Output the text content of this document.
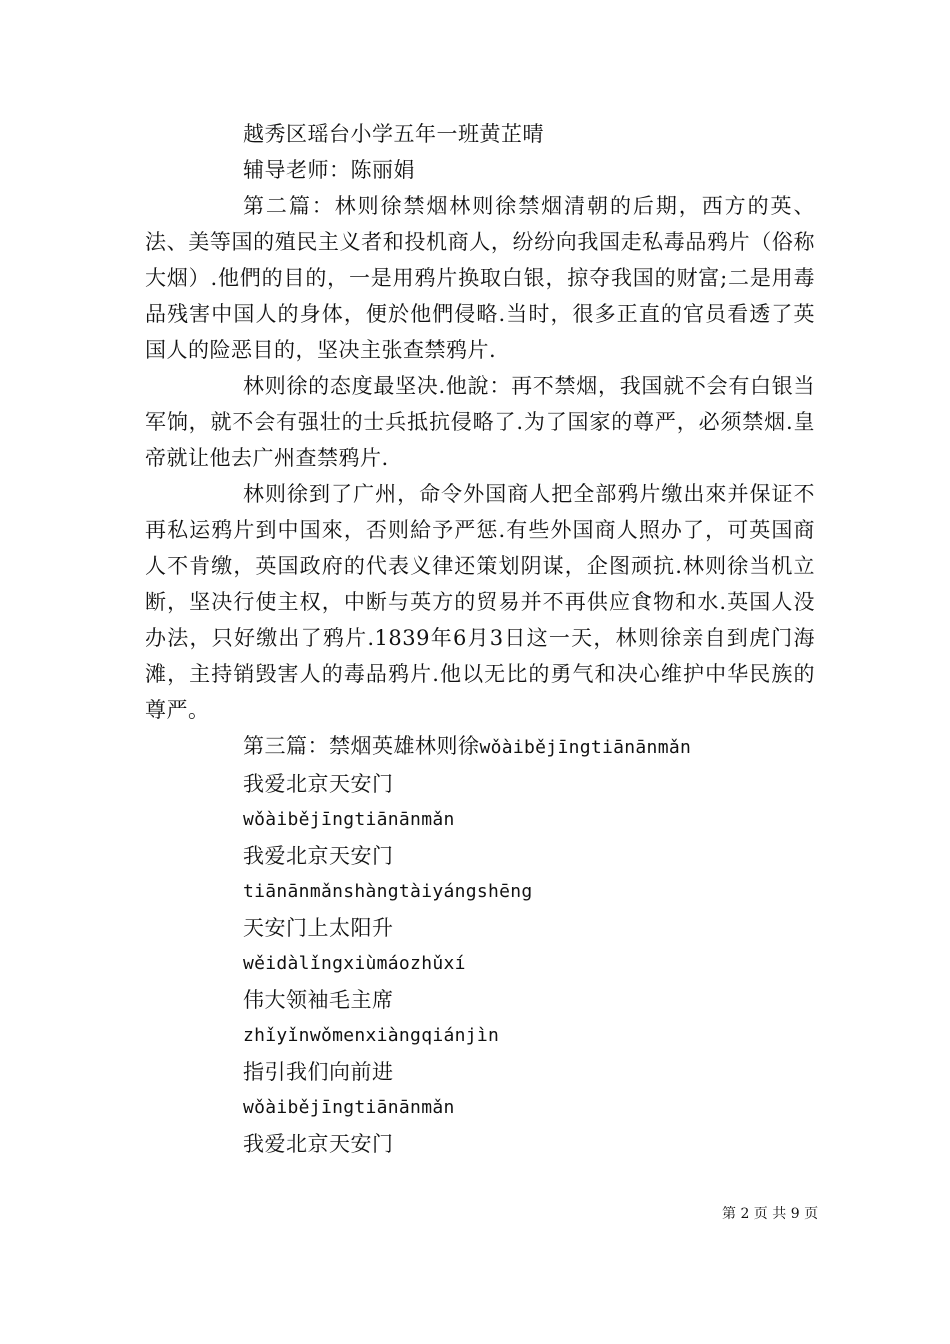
越秀区瑶台小学五年一班黄芷晴

辅导老师：陈丽娟

第二篇：林则徐禁烟林则徐禁烟清朝的后期，西方的英、法、美等国的殖民主义者和投机商人，纷纷向我国走私毒品鸦片（俗称大烟）.他們的目的，一是用鸦片换取白银，掠夺我国的财富;二是用毒品残害中国人的身体，便於他們侵略.当时，很多正直的官员看透了英国人的险恶目的，坚决主张查禁鸦片.

林则徐的态度最坚决.他說：再不禁烟，我国就不会有白银当军饷，就不会有强壮的士兵抵抗侵略了.为了国家的尊严，必须禁烟.皇帝就让他去广州查禁鸦片.

林则徐到了广州，命令外国商人把全部鸦片缴出來并保证不再私运鸦片到中国來，否则給予严惩.有些外国商人照办了，可英国商人不肯缴，英国政府的代表义律还策划阴谋，企图顽抗.林则徐当机立断，坚决行使主权，中断与英方的贸易并不再供应食物和水.英国人没办法，只好缴出了鸦片.1839年6月3日这一天，林则徐亲自到虎门海滩，主持销毁害人的毒品鸦片.他以无比的勇气和决心维护中华民族的尊严。

第三篇：禁烟英雄林则徐wǒàibějīngtiānānmǎn

我爱北京天安门

wǒàibějīngtiānānmǎn

我爱北京天安门

tiānānmǎnshàngtàiyángshēng

天安门上太阳升

wěidàlǐngxiùmáozhǔxí

伟大领袖毛主席

zhǐyǐnwǒmenxiàngqiánjìn

指引我们向前进

wǒàibějīngtiānānmǎn

我爱北京天安门

第 2 页 共 9 页
